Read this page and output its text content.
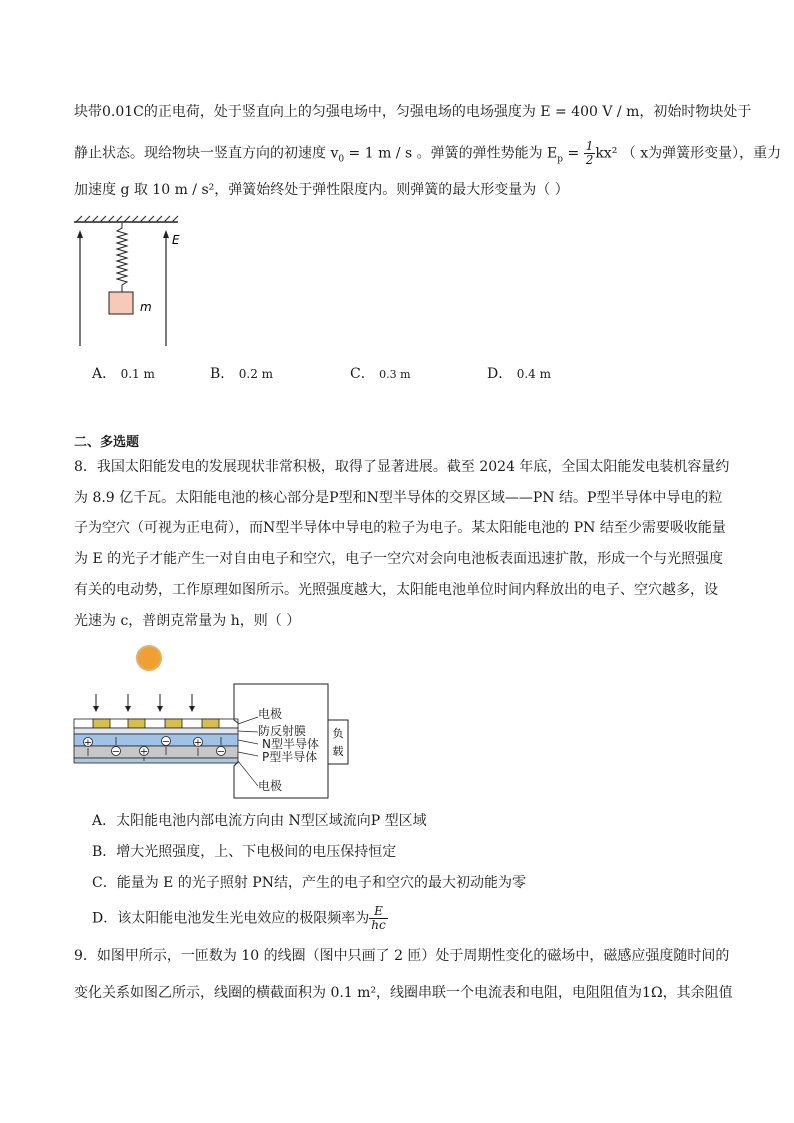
块带0.01C的正电荷，处于竖直向上的匀强电场中，匀强电场的电场强度为 E = 400 V / m，初始时物块处于
静止状态。现给物块一竖直方向的初速度 $v_0 = 1$ m / s 。弹簧的弹性势能为 $E_p = \frac{1}{2} kx^2$ （ x为弹簧形变量），重力
加速度 g 取 10 m / s²，弹簧始终处于弹性限度内。则弹簧的最大形变量为（ ）
E
m
A． 0.1 m	B． 0.2 m	C． 0.3 m	D． 0.4 m
二、多选题
8．我国太阳能发电的发展现状非常积极，取得了显著进展。截至 2024 年底，全国太阳能发电装机容量约
为 8.9 亿千瓦。太阳能电池的核心部分是P型和N型半导体的交界区域——PN 结。P型半导体中导电的粒
子为空穴（可视为正电荷），而N型半导体中导电的粒子为电子。某太阳能电池的 PN 结至少需要吸收能量
为 E 的光子才能产生一对自由电子和空穴，电子一空穴对会向电池板表面迅速扩散，形成一个与光照强度
有关的电动势，工作原理如图所示。光照强度越大，太阳能电池单位时间内释放出的电子、空穴越多，设
光速为 c，普朗克常量为 h，则（ ）
+
− +
− +
−
负
载
电极
防反射膜
N型半导体
P型半导体
电极
A．太阳能电池内部电流方向由 N型区域流向P 型区域
B．增大光照强度，上、下电极间的电压保持恒定
C．能量为 E 的光子照射 PN结，产生的电子和空穴的最大初动能为零
D．该太阳能电池发生光电效应的极限频率为 $\frac{E}{hc}$
9．如图甲所示，一匝数为 10 的线圈（图中只画了 2 匝）处于周期性变化的磁场中，磁感应强度随时间的
变化关系如图乙所示，线圈的横截面积为 0.1 m²，线圈串联一个电流表和电阻，电阻阻值为1Ω，其余阻值
